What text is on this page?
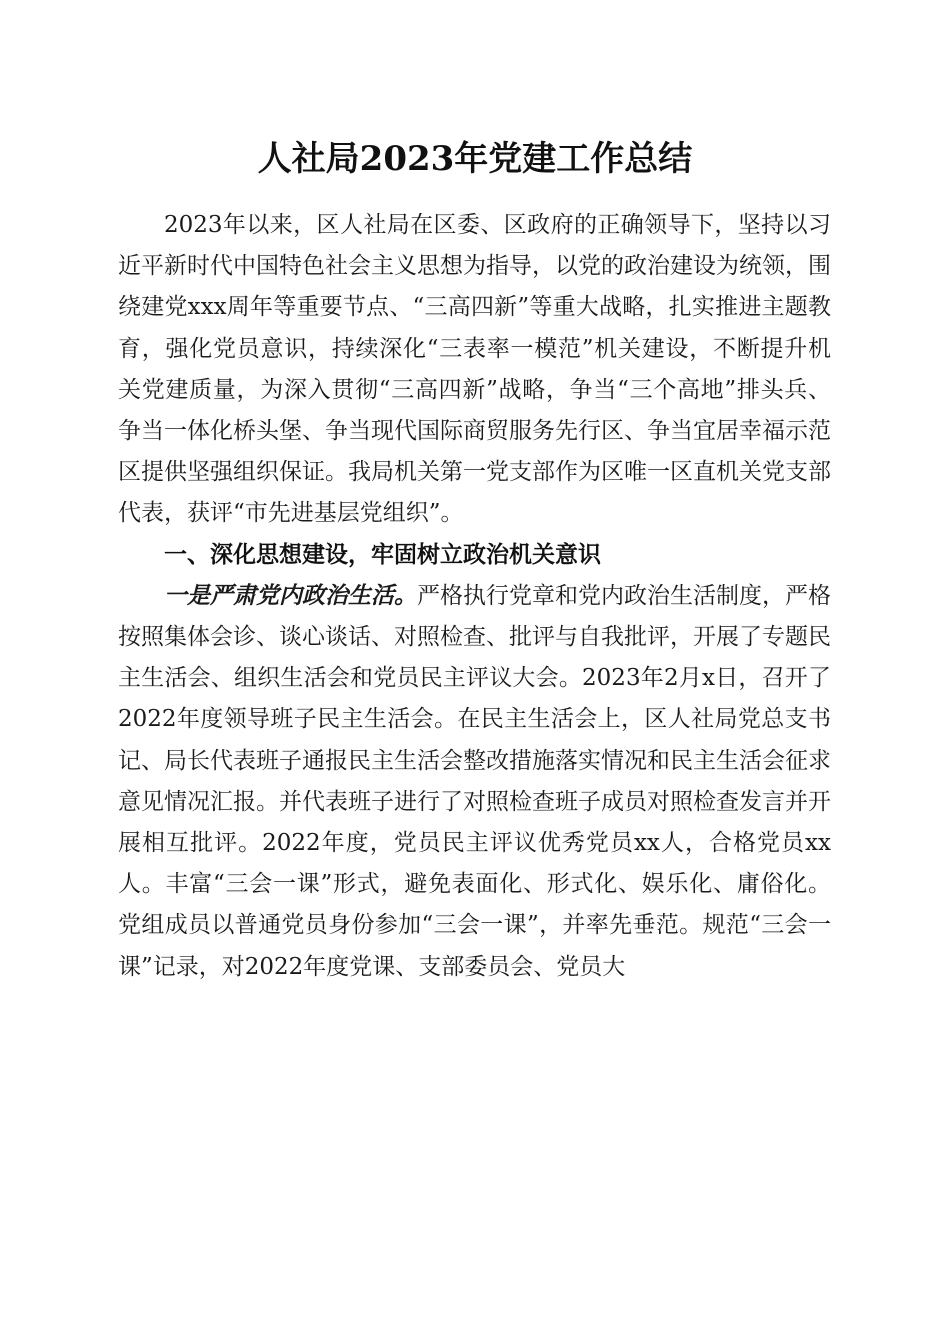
人社局2023年党建工作总结

2023年以来，区人社局在区委、区政府的正确领导下，坚持以习近平新时代中国特色社会主义思想为指导，以党的政治建设为统领，围绕建党xxx周年等重要节点、“三高四新”等重大战略，扎实推进主题教育，强化党员意识，持续深化“三表率一模范”机关建设，不断提升机关党建质量，为深入贯彻“三高四新”战略，争当“三个高地”排头兵、争当一体化桥头堡、争当现代国际商贸服务先行区、争当宜居幸福示范区提供坚强组织保证。我局机关第一党支部作为区唯一区直机关党支部代表，获评“市先进基层党组织”。

一、深化思想建设，牢固树立政治机关意识

一是严肃党内政治生活。严格执行党章和党内政治生活制度，严格按照集体会诊、谈心谈话、对照检查、批评与自我批评，开展了专题民主生活会、组织生活会和党员民主评议大会。2023年2月x日，召开了2022年度领导班子民主生活会。在民主生活会上，区人社局党总支书记、局长代表班子通报民主生活会整改措施落实情况和民主生活会征求意见情况汇报。并代表班子进行了对照检查班子成员对照检查发言并开展相互批评。2022年度，党员民主评议优秀党员xx人，合格党员xx人。丰富“三会一课”形式，避免表面化、形式化、娱乐化、庸俗化。党组成员以普通党员身份参加“三会一课”，并率先垂范。规范“三会一课”记录，对2022年度党课、支部委员会、党员大
